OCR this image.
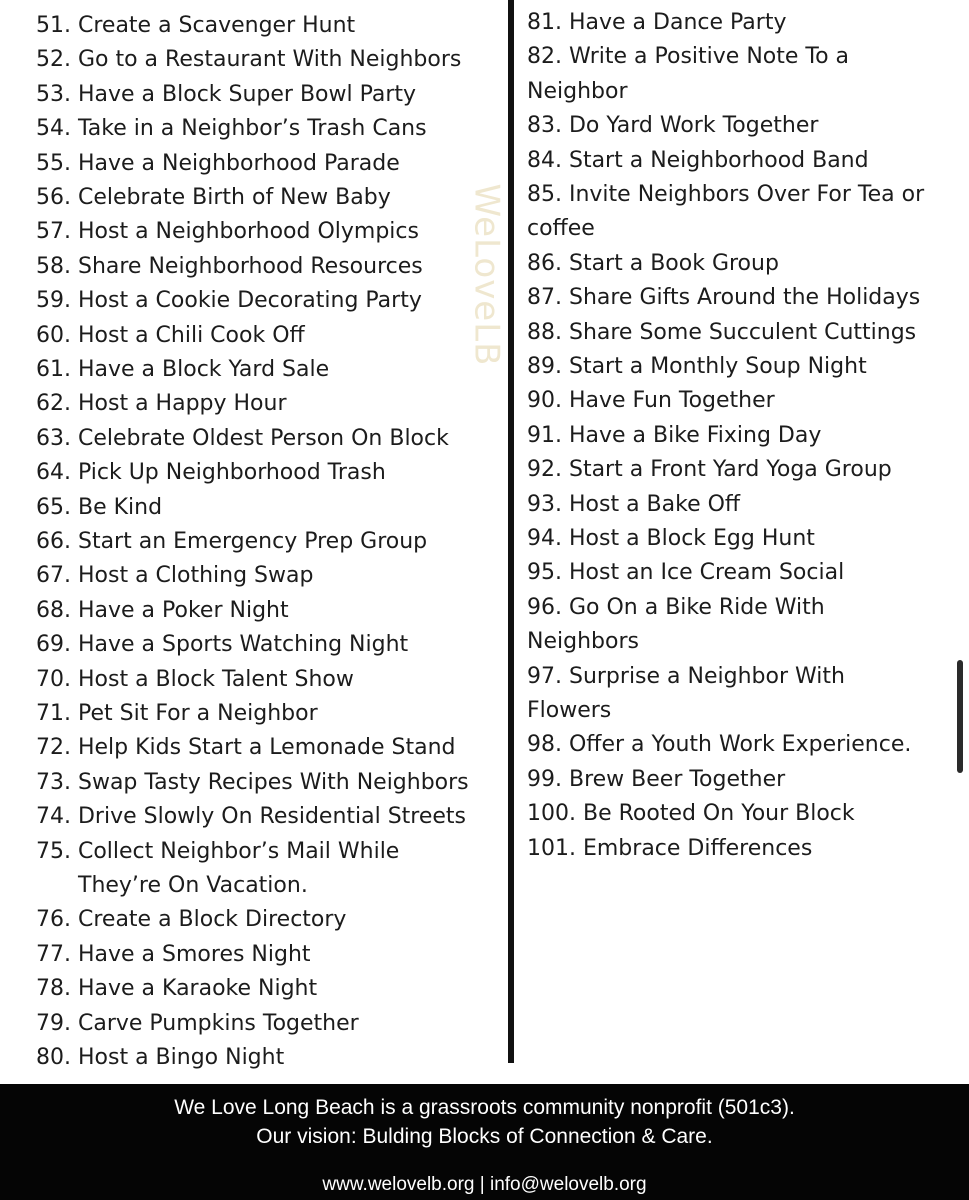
51. Create a Scavenger Hunt
52. Go to a Restaurant With Neighbors
53. Have a Block Super Bowl Party
54. Take in a Neighbor’s Trash Cans
55. Have a Neighborhood Parade
56. Celebrate Birth of New Baby
57. Host a Neighborhood Olympics
58. Share Neighborhood Resources
59. Host a Cookie Decorating Party
60. Host a Chili Cook Off
61. Have a Block Yard Sale
62. Host a Happy Hour
63. Celebrate Oldest Person On Block
64. Pick Up Neighborhood Trash
65. Be Kind
66. Start an Emergency Prep Group
67. Host a Clothing Swap
68. Have a Poker Night
69. Have a Sports Watching Night
70. Host a Block Talent Show
71. Pet Sit For a Neighbor
72. Help Kids Start a Lemonade Stand
73. Swap Tasty Recipes With Neighbors
74. Drive Slowly On Residential Streets
75. Collect Neighbor’s Mail While
They’re On Vacation.
76. Create a Block Directory
77. Have a Smores Night
78. Have a Karaoke Night
79. Carve Pumpkins Together
80. Host a Bingo Night
WeLoveLB
81. Have a Dance Party
82. Write a Positive Note To a
Neighbor
83. Do Yard Work Together
84. Start a Neighborhood Band
85. Invite Neighbors Over For Tea or
coffee
86. Start a Book Group
87. Share Gifts Around the Holidays
88. Share Some Succulent Cuttings
89. Start a Monthly Soup Night
90. Have Fun Together
91. Have a Bike Fixing Day
92. Start a Front Yard Yoga Group
93. Host a Bake Off
94. Host a Block Egg Hunt
95. Host an Ice Cream Social
96. Go On a Bike Ride With
Neighbors
97. Surprise a Neighbor With
Flowers
98. Offer a Youth Work Experience.
99. Brew Beer Together
100. Be Rooted On Your Block
101. Embrace Differences
We Love Long Beach is a grassroots community nonprofit (501c3).
Our vision: Bulding Blocks of Connection & Care.
www.welovelb.org | info@welovelb.org
